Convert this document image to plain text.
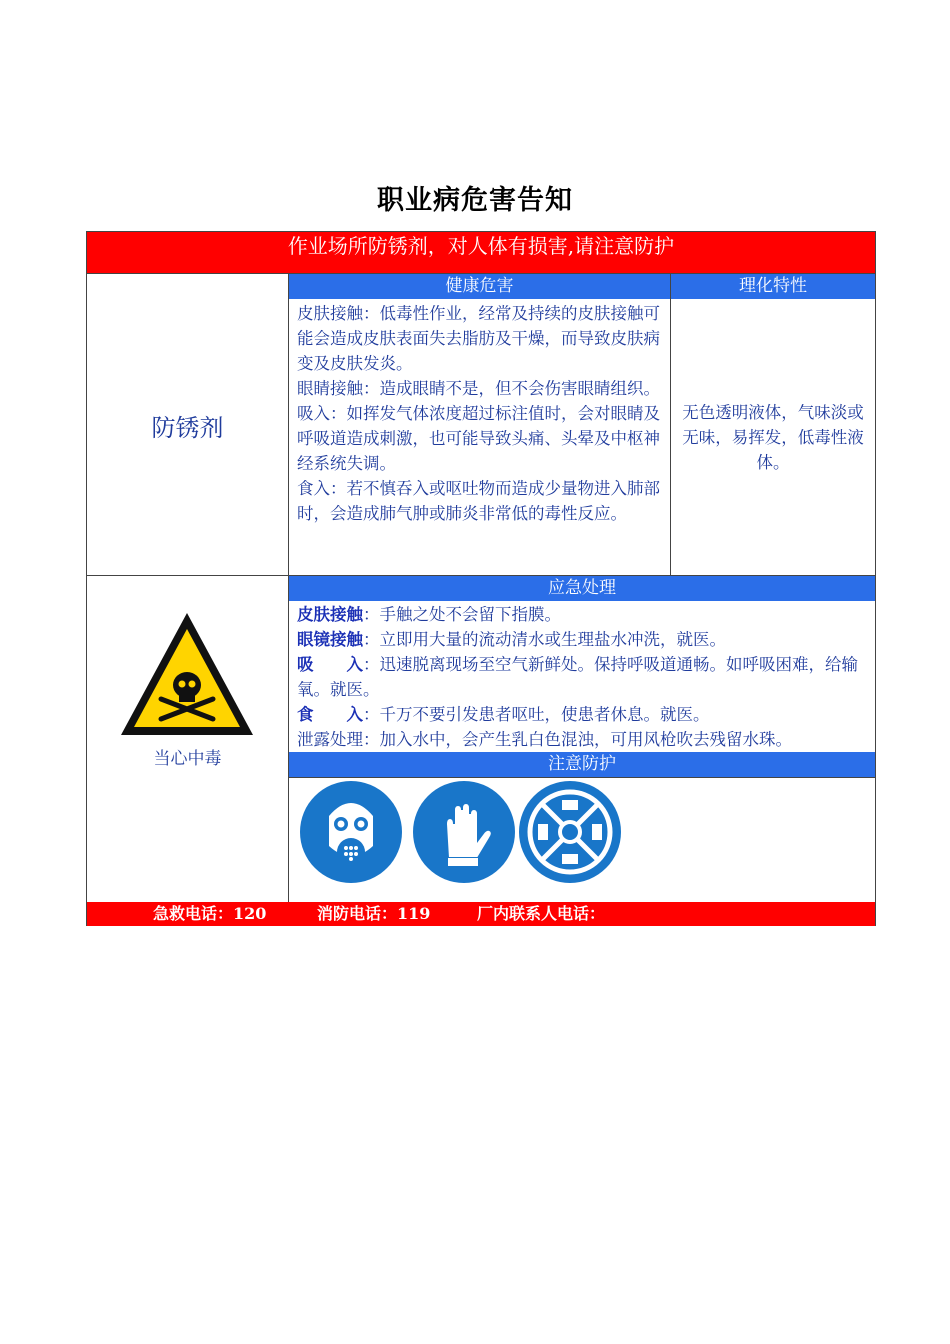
职业病危害告知
作业场所防锈剂，对人体有损害,请注意防护
健康危害	理化特性
防锈剂

皮肤接触：低毒性作业，经常及持续的皮肤接触可能会造成皮肤表面失去脂肪及干燥，而导致皮肤病变及皮肤发炎。

眼睛接触：造成眼睛不是，但不会伤害眼睛组织。

吸入：如挥发气体浓度超过标注值时，会对眼睛及呼吸道造成刺激，也可能导致头痛、头晕及中枢神经系统失调。

食入：若不慎吞入或呕吐物而造成少量物进入肺部时，会造成肺气肿或肺炎非常低的毒性反应。

无色透明液体，气味淡或无味，易挥发，低毒性液体。
当心中毒
应急处理

皮肤接触：手触之处不会留下指膜。

眼镜接触：立即用大量的流动清水或生理盐水冲洗，就医。

吸　　入：迅速脱离现场至空气新鲜处。保持呼吸道通畅。如呼吸困难，给输氧。就医。

食　　入：千万不要引发患者呕吐，使患者休息。就医。

泄露处理：加入水中，会产生乳白色混浊，可用风枪吹去残留水珠。

注意防护

急救电话：120

	消防电话：119

	厂内联系人电话：
